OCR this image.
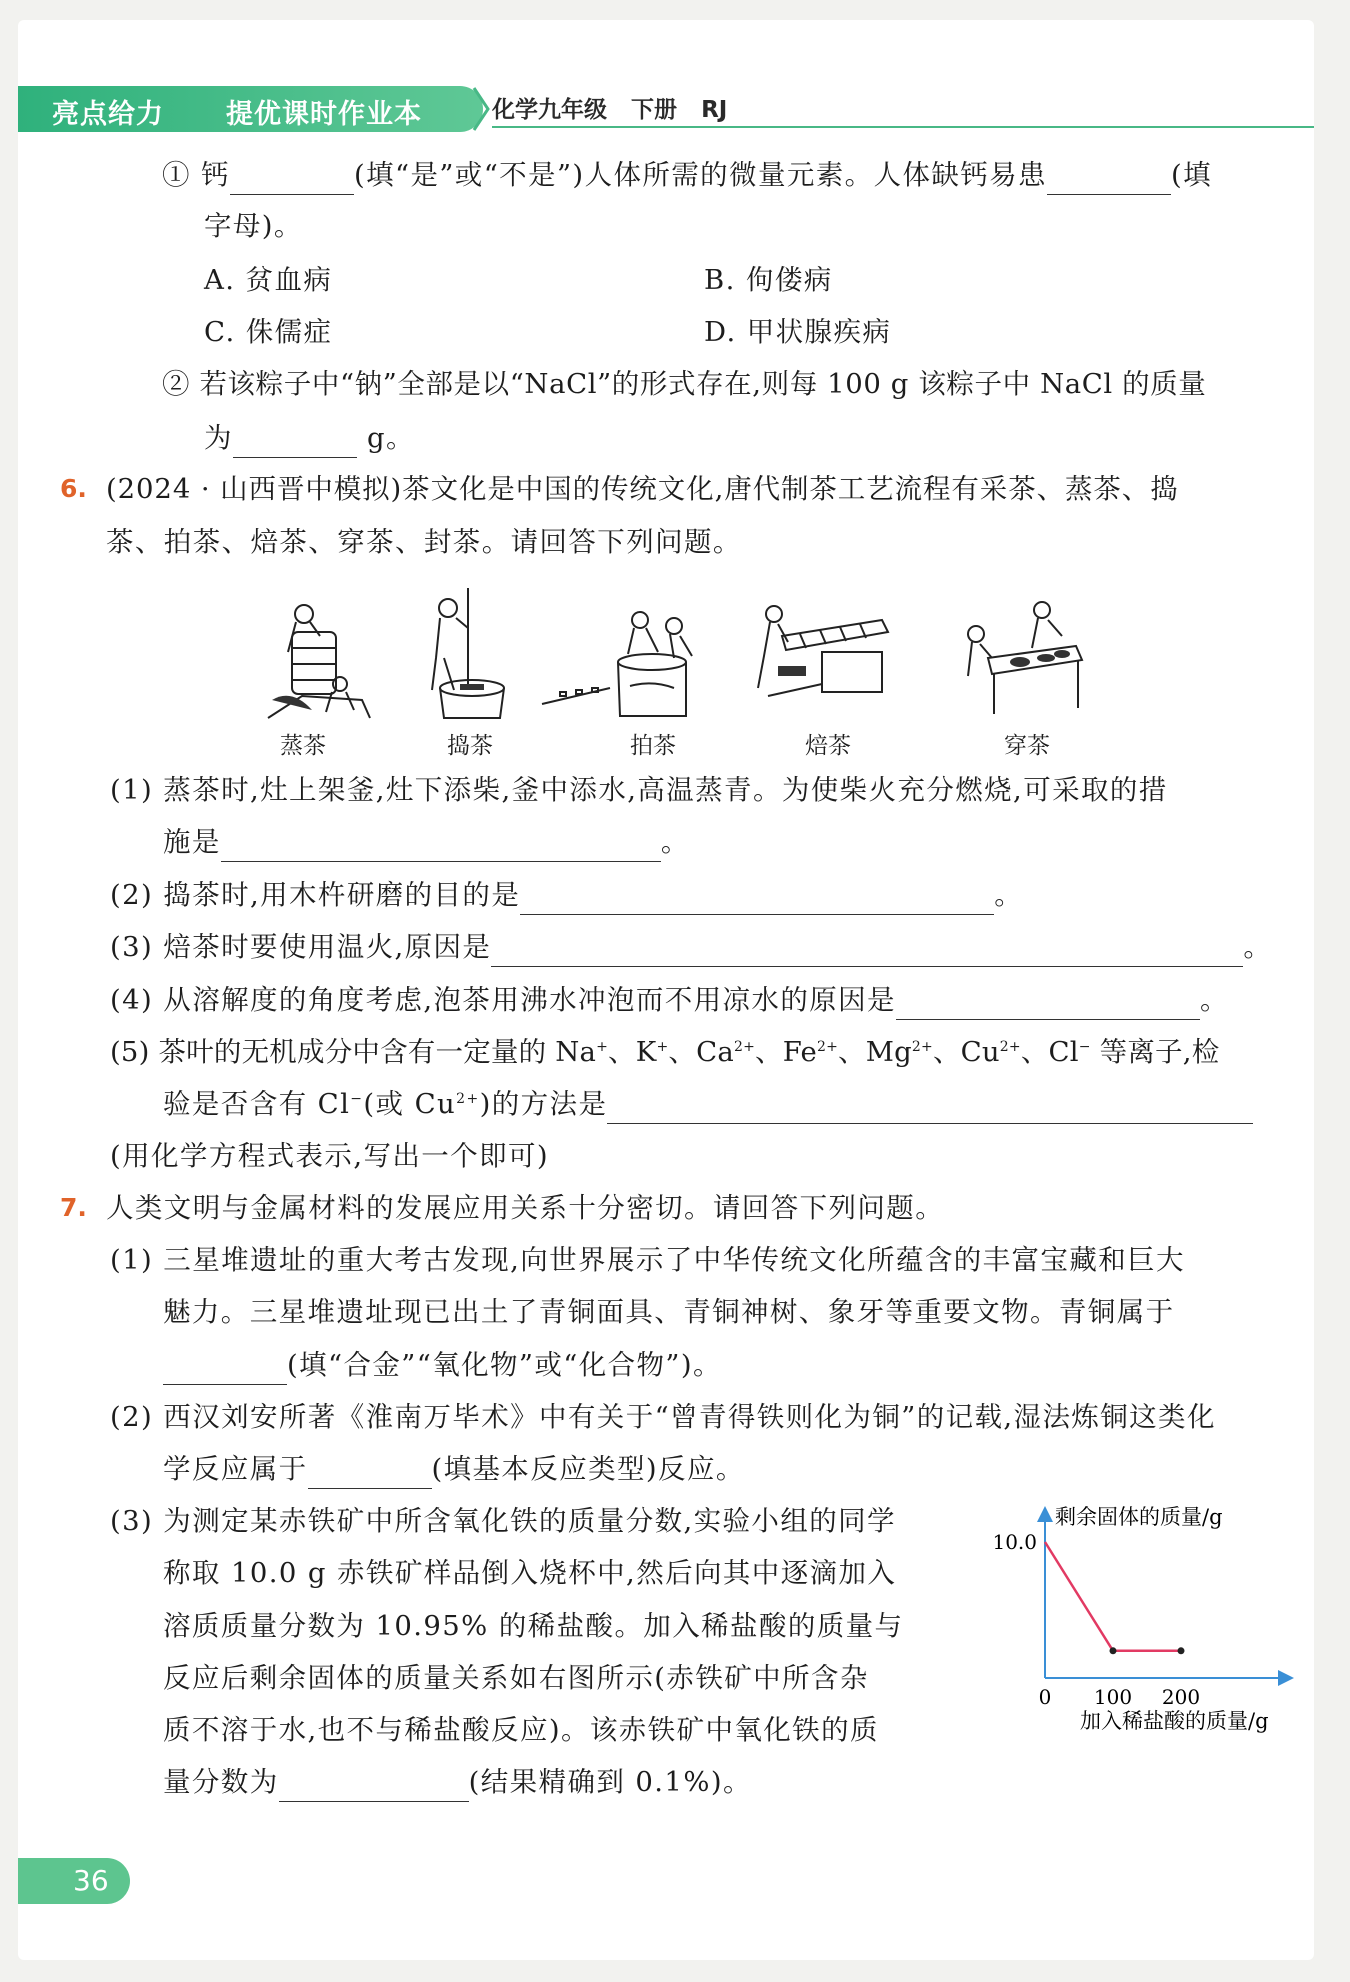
亮点给力 提优课时作业本	化学九年级 下册 RJ
① 钙	(填“是”或“不是”)人体所需的微量元素。人体缺钙易患	(填
字母)。
A. 贫血病	B. 佝偻病
C. 侏儒症	D. 甲状腺疾病
② 若该粽子中“钠”全部是以“NaCl”的形式存在,则每 100 g 该粽子中 NaCl 的质量
为	g。
6. (2024 · 山西晋中模拟)茶文化是中国的传统文化,唐代制茶工艺流程有采茶、蒸茶、捣
茶、拍茶、焙茶、穿茶、封茶。请回答下列问题。
蒸茶	捣茶	拍茶	焙茶	穿茶
(1) 蒸茶时,灶上架釜,灶下添柴,釜中添水,高温蒸青。为使柴火充分燃烧,可采取的措
施是	。
(2) 捣茶时,用木杵研磨的目的是	。
(3) 焙茶时要使用温火,原因是	。
(4) 从溶解度的角度考虑,泡茶用沸水冲泡而不用凉水的原因是	。
(5) 茶叶的无机成分中含有一定量的 Na+、K+、$Ca^{2+}$、$Fe^{2+}$、$Mg^{2+}$、$Cu^{2+}$、Cl− 等离子,检
验是否含有 Cl−(或 $Cu^{2+}$)的方法是
(用化学方程式表示,写出一个即可)
7. 人类文明与金属材料的发展应用关系十分密切。请回答下列问题。
(1) 三星堆遗址的重大考古发现,向世界展示了中华传统文化所蕴含的丰富宝藏和巨大
魅力。三星堆遗址现已出土了青铜面具、青铜神树、象牙等重要文物。青铜属于
(填“合金”“氧化物”或“化合物”)。
(2) 西汉刘安所著《淮南万毕术》中有关于“曾青得铁则化为铜”的记载,湿法炼铜这类化
学反应属于	(填基本反应类型)反应。
(3) 为测定某赤铁矿中所含氧化铁的质量分数,实验小组的同学
称取 10.0 g 赤铁矿样品倒入烧杯中,然后向其中逐滴加入
溶质质量分数为 10.95% 的稀盐酸。加入稀盐酸的质量与
反应后剩余固体的质量关系如右图所示(赤铁矿中所含杂
质不溶于水,也不与稀盐酸反应)。该赤铁矿中氧化铁的质
量分数为	(结果精确到 0.1%)。
剩余固体的质量/g
加入稀盐酸的质量/g
0 100 200
10.0
36
